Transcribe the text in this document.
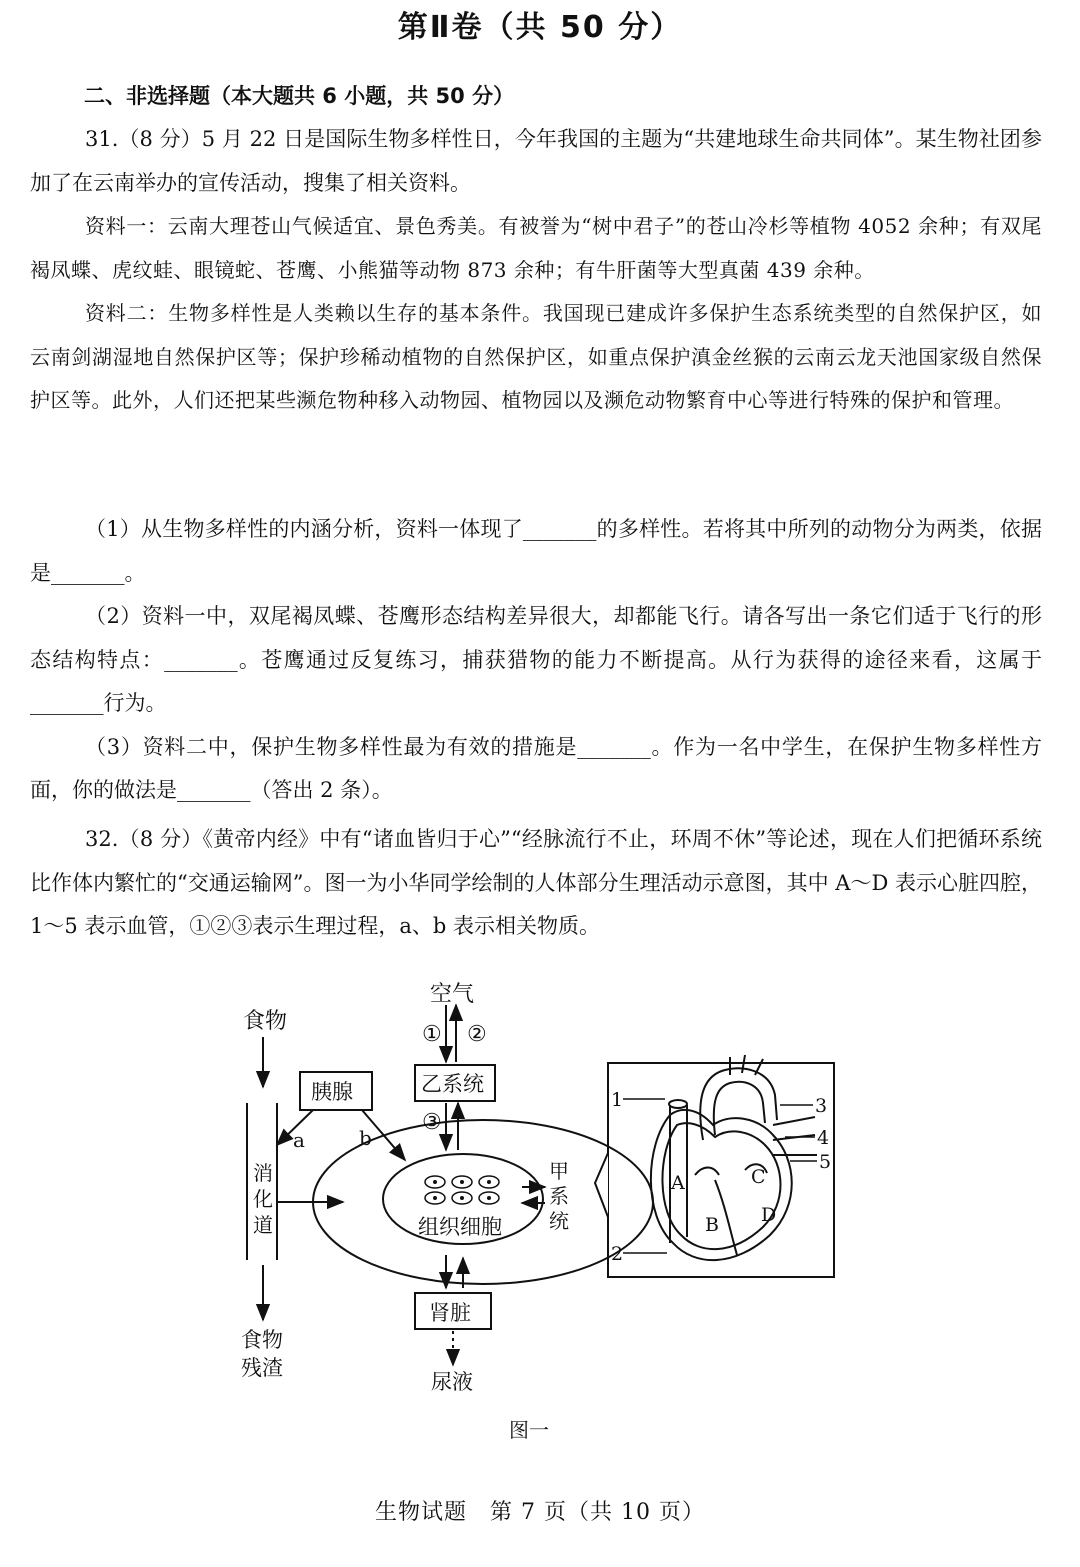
第Ⅱ卷（共 50 分）
二、非选择题（本大题共 6 小题，共 50 分）

31.（8 分）5 月 22 日是国际生物多样性日，今年我国的主题为“共建地球生命共同体”。某生物社团参加了在云南举办的宣传活动，搜集了相关资料。

资料一：云南大理苍山气候适宜、景色秀美。有被誉为“树中君子”的苍山冷杉等植物 4052 余种；有双尾褐凤蝶、虎纹蛙、眼镜蛇、苍鹰、小熊猫等动物 873 余种；有牛肝菌等大型真菌 439 余种。

资料二：生物多样性是人类赖以生存的基本条件。我国现已建成许多保护生态系统类型的自然保护区，如云南剑湖湿地自然保护区等；保护珍稀动植物的自然保护区，如重点保护滇金丝猴的云南云龙天池国家级自然保护区等。此外，人们还把某些濒危物种移入动物园、植物园以及濒危动物繁育中心等进行特殊的保护和管理。

（1）从生物多样性的内涵分析，资料一体现了_______的多样性。若将其中所列的动物分为两类，依据是_______。

（2）资料一中，双尾褐凤蝶、苍鹰形态结构差异很大，却都能飞行。请各写出一条它们适于飞行的形态结构特点：_______。苍鹰通过反复练习，捕获猎物的能力不断提高。从行为获得的途径来看，这属于_______行为。

（3）资料二中，保护生物多样性最为有效的措施是_______。作为一名中学生，在保护生物多样性方面，你的做法是_______（答出 2 条）。

32.（8 分）《黄帝内经》中有“诸血皆归于心”“经脉流行不止，环周不休”等论述，现在人们把循环系统比作体内繁忙的“交通运输网”。图一为小华同学绘制的人体部分生理活动示意图，其中 A～D 表示心脏四腔，1～5 表示血管，①②③表示生理过程，a、b 表示相关物质。

食物
空气
① ②
③
胰腺	乙系统
a	b
消
化
道	组织细胞
甲
系
统
肾脏
食物
残渣
尿液
A
B
C
D
1
2
3
4
5
图一
生物试题　第 7 页（共 10 页）
